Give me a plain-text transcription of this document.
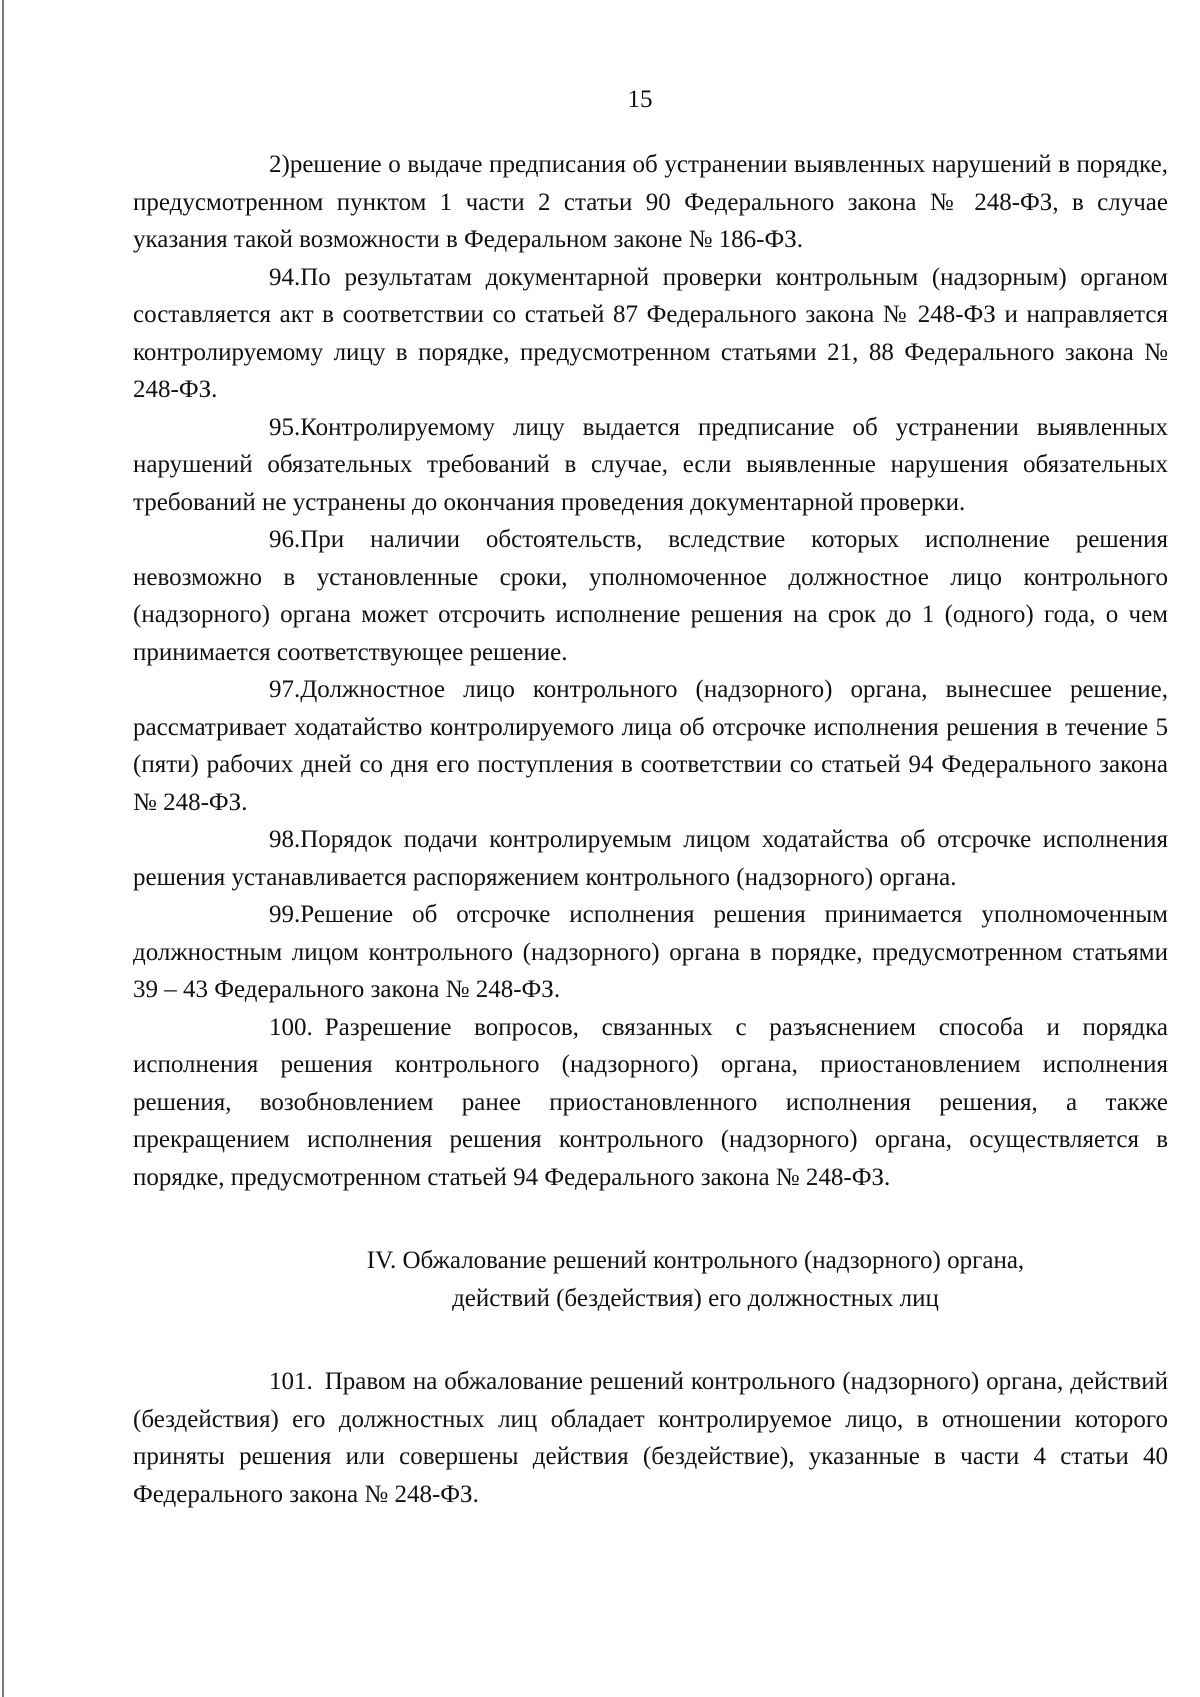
15

2)решение о выдаче предписания об устранении выявленных нарушений в порядке, предусмотренном пунктом 1 части 2 статьи 90 Федерального закона № 248-ФЗ, в случае указания такой возможности в Федеральном законе № 186-ФЗ.

94.По результатам документарной проверки контрольным (надзорным) органом составляется акт в соответствии со статьей 87 Федерального закона № 248-ФЗ и направляется контролируемому лицу в порядке, предусмотренном статьями 21, 88 Федерального закона № 248-ФЗ.

95.Контролируемому лицу выдается предписание об устранении выявленных нарушений обязательных требований в случае, если выявленные нарушения обязательных требований не устранены до окончания проведения документарной проверки.

96.При наличии обстоятельств, вследствие которых исполнение решения невозможно в установленные сроки, уполномоченное должностное лицо контрольного (надзорного) органа может отсрочить исполнение решения на срок до 1 (одного) года, о чем принимается соответствующее решение.

97.Должностное лицо контрольного (надзорного) органа, вынесшее решение, рассматривает ходатайство контролируемого лица об отсрочке исполнения решения в течение 5 (пяти) рабочих дней со дня его поступления в соответствии со статьей 94 Федерального закона № 248-ФЗ.

98.Порядок подачи контролируемым лицом ходатайства об отсрочке исполнения решения устанавливается распоряжением контрольного (надзорного) органа.

99.Решение об отсрочке исполнения решения принимается уполномоченным должностным лицом контрольного (надзорного) органа в порядке, предусмотренном статьями 39 – 43 Федерального закона № 248-ФЗ.

100. Разрешение вопросов, связанных с разъяснением способа и порядка исполнения решения контрольного (надзорного) органа, приостановлением исполнения решения, возобновлением ранее приостановленного исполнения решения, а также прекращением исполнения решения контрольного (надзорного) органа, осуществляется в порядке, предусмотренном статьей 94 Федерального закона № 248-ФЗ.

IV. Обжалование решений контрольного (надзорного) органа,
действий (бездействия) его должностных лиц

101. Правом на обжалование решений контрольного (надзорного) органа, действий (бездействия) его должностных лиц обладает контролируемое лицо, в отношении которого приняты решения или совершены действия (бездействие), указанные в части 4 статьи 40 Федерального закона № 248-ФЗ.
